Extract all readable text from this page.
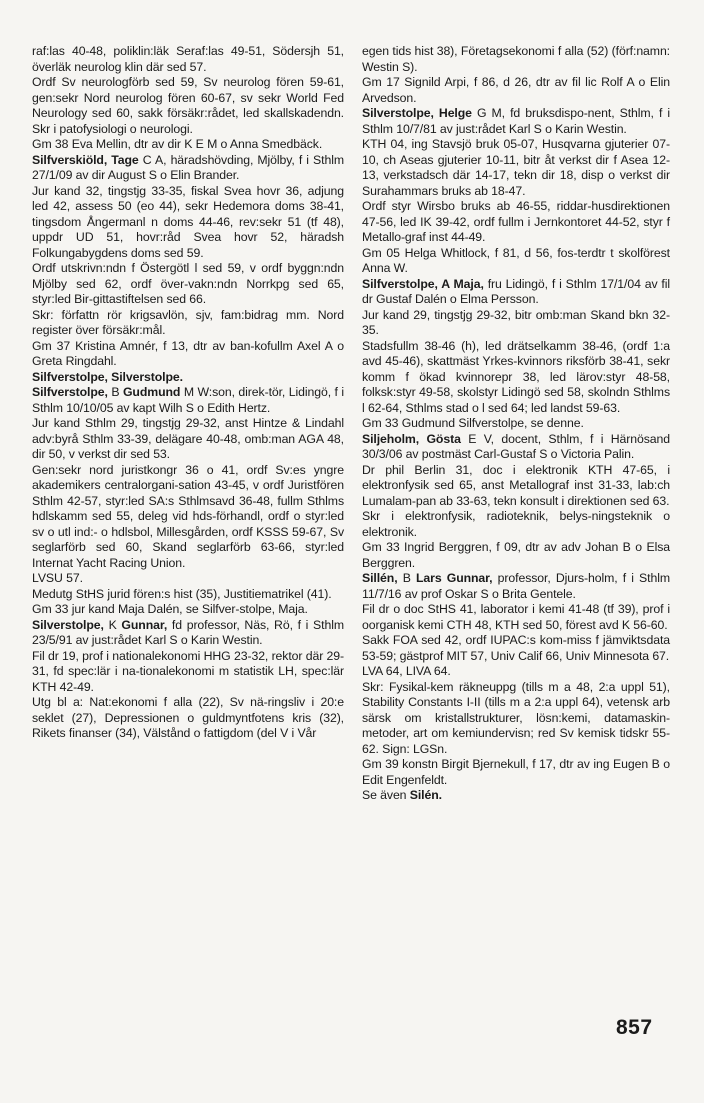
raf:las 40-48, poliklin:läk Seraf:las 49-51, Södersjh 51, överläk neurolog klin där sed 57.

Ordf Sv neurologförb sed 59, Sv neurolog fören 59-61, gen:sekr Nord neurolog fören 60-67, sv sekr World Fed Neurology sed 60, sakk försäkr:rådet, led skallskadendn. Skr i patofysiologi o neurologi.

Gm 38 Eva Mellin, dtr av dir K E M o Anna Smedbäck.

Silfverskiöld, Tage C A, häradshövding, Mjölby, f i Sthlm 27/1/09 av dir August S o Elin Brander.

Jur kand 32, tingstjg 33-35, fiskal Svea hovr 36, adjung led 42, assess 50 (eo 44), sekr Hedemora doms 38-41, tingsdom Ångermanl n doms 44-46, rev:sekr 51 (tf 48), uppdr UD 51, hovr:råd Svea hovr 52, häradsh Folkungabygdens doms sed 59.

Ordf utskrivn:ndn f Östergötl l sed 59, v ordf byggn:ndn Mjölby sed 62, ordf över-vakn:ndn Norrkpg sed 65, styr:led Bir-gittastiftelsen sed 66.

Skr: författn rör krigsavlön, sjv, fam:bidrag mm. Nord register över försäkr:mål.

Gm 37 Kristina Amnér, f 13, dtr av ban-kofullm Axel A o Greta Ringdahl.

Silfverstolpe, Silverstolpe.

Silfverstolpe, B Gudmund M W:son, direk-tör, Lidingö, f i Sthlm 10/10/05 av kapt Wilh S o Edith Hertz.

Jur kand Sthlm 29, tingstjg 29-32, anst Hintze & Lindahl adv:byrå Sthlm 33-39, delägare 40-48, omb:man AGA 48, dir 50, v verkst dir sed 53.

Gen:sekr nord juristkongr 36 o 41, ordf Sv:es yngre akademikers centralorgani-sation 43-45, v ordf Juristfören Sthlm 42-57, styr:led SA:s Sthlmsavd 36-48, fullm Sthlms hdlskamm sed 55, deleg vid hds-förhandl, ordf o styr:led sv o utl ind:- o hdlsbol, Millesgården, ordf KSSS 59-67, Sv seglarförb sed 60, Skand seglarförb 63-66, styr:led Internat Yacht Racing Union.

LVSU 57.

Medutg StHS jurid fören:s hist (35), Justitiematrikel (41).

Gm 33 jur kand Maja Dalén, se Silfver-stolpe, Maja.

Silverstolpe, K Gunnar, fd professor, Näs, Rö, f i Sthlm 23/5/91 av just:rådet Karl S o Karin Westin.

Fil dr 19, prof i nationalekonomi HHG 23-32, rektor där 29-31, fd spec:lär i na-tionalekonomi m statistik LH, spec:lär KTH 42-49.

Utg bl a: Nat:ekonomi f alla (22), Sv nä-ringsliv i 20:e seklet (27), Depressionen o guldmyntfotens kris (32), Rikets finanser (34), Välstånd o fattigdom (del V i Vår

egen tids hist 38), Företagsekonomi f alla (52) (förf:namn: Westin S).

Gm 17 Signild Arpi, f 86, d 26, dtr av fil lic Rolf A o Elin Arvedson.

Silverstolpe, Helge G M, fd bruksdispo-nent, Sthlm, f i Sthlm 10/7/81 av just:rådet Karl S o Karin Westin.

KTH 04, ing Stavsjö bruk 05-07, Husqvarna gjuterier 07-10, ch Aseas gjuterier 10-11, bitr åt verkst dir f Asea 12-13, verkstadsch där 14-17, tekn dir 18, disp o verkst dir Surahammars bruks ab 18-47.

Ordf styr Wirsbo bruks ab 46-55, riddar-husdirektionen 47-56, led IK 39-42, ordf fullm i Jernkontoret 44-52, styr f Metallo-graf inst 44-49.

Gm 05 Helga Whitlock, f 81, d 56, fos-terdtr t skolförest Anna W.

Silfverstolpe, A Maja, fru Lidingö, f i Sthlm 17/1/04 av fil dr Gustaf Dalén o Elma Persson.

Jur kand 29, tingstjg 29-32, bitr omb:man Skand bkn 32-35.

Stadsfullm 38-46 (h), led drätselkamm 38-46, (ordf 1:a avd 45-46), skattmäst Yrkes-kvinnors riksförb 38-41, sekr komm f ökad kvinnorepr 38, led lärov:styr 48-58, folksk:styr 49-58, skolstyr Lidingö sed 58, skolndn Sthlms l 62-64, Sthlms stad o l sed 64; led landst 59-63.

Gm 33 Gudmund Silfverstolpe, se denne.

Siljeholm, Gösta E V, docent, Sthlm, f i Härnösand 30/3/06 av postmäst Carl-Gustaf S o Victoria Palin.

Dr phil Berlin 31, doc i elektronik KTH 47-65, i elektronfysik sed 65, anst Metallograf inst 31-33, lab:ch Lumalam-pan ab 33-63, tekn konsult i direktionen sed 63.

Skr i elektronfysik, radioteknik, belys-ningsteknik o elektronik.

Gm 33 Ingrid Berggren, f 09, dtr av adv Johan B o Elsa Berggren.

Sillén, B Lars Gunnar, professor, Djurs-holm, f i Sthlm 11/7/16 av prof Oskar S o Brita Gentele.

Fil dr o doc StHS 41, laborator i kemi 41-48 (tf 39), prof i oorganisk kemi CTH 48, KTH sed 50, förest avd K 56-60.

Sakk FOA sed 42, ordf IUPAC:s kom-miss f jämviktsdata 53-59; gästprof MIT 57, Univ Calif 66, Univ Minnesota 67.

LVA 64, LIVA 64.

Skr: Fysikal-kem räkneuppg (tills m a 48, 2:a uppl 51), Stability Constants I-II (tills m a 2:a uppl 64), vetensk arb särsk om kristallstrukturer, lösn:kemi, datamaskin-metoder, art om kemiundervisn; red Sv kemisk tidskr 55-62. Sign: LGSn.

Gm 39 konstn Birgit Bjernekull, f 17, dtr av ing Eugen B o Edit Engenfeldt.

Se även Silén.

857
